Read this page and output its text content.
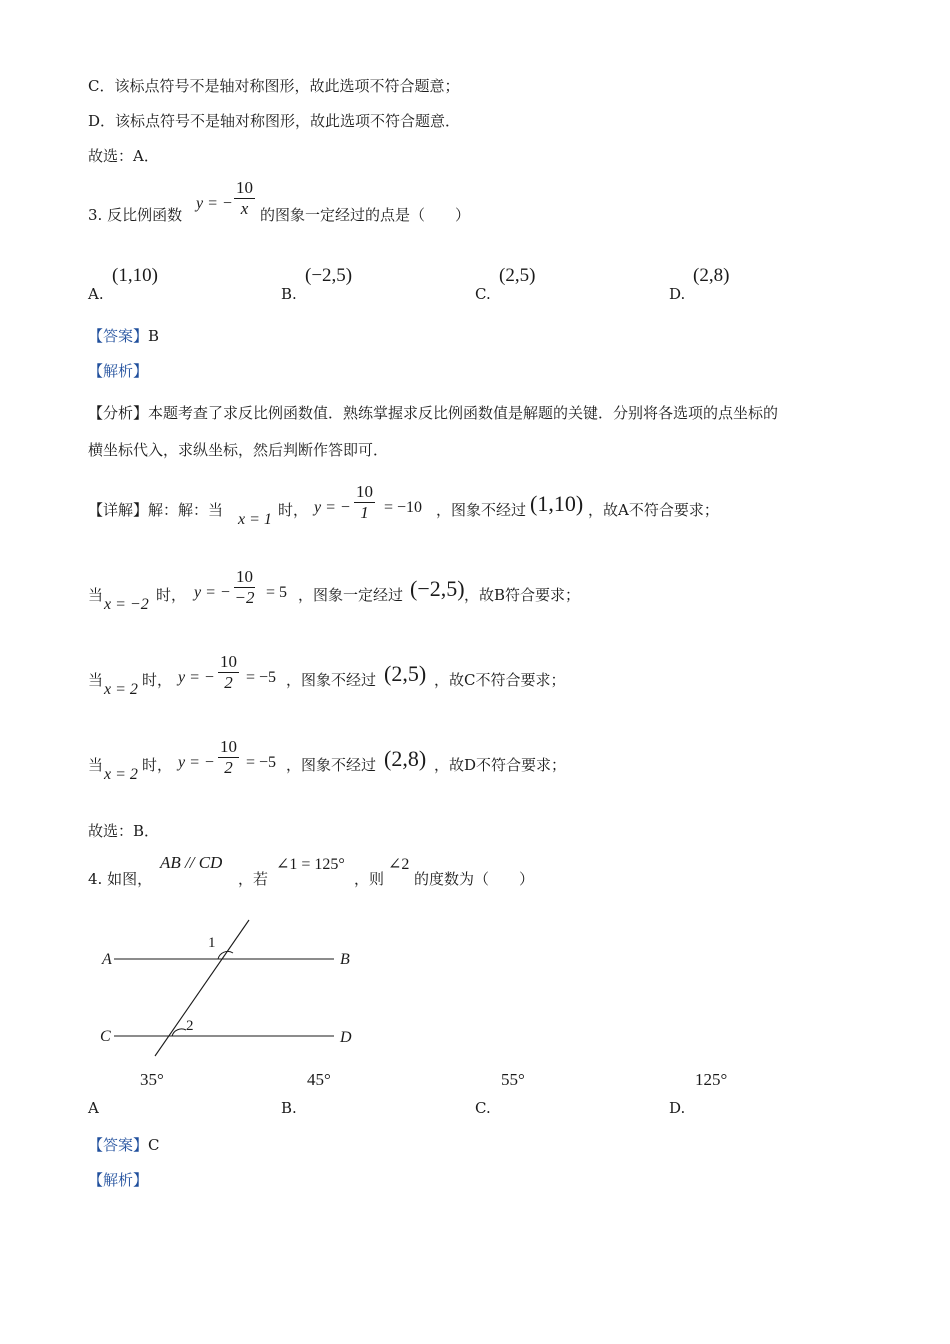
C．该标点符号不是轴对称图形，故此选项不符合题意；
D．该标点符号不是轴对称图形，故此选项不符合题意．
故选：A．
3. 反比例函数
y = − $\frac{10}{x}$ 的图象一定经过的点是（　　）
A.
(1,10)
B.
(−2,5)
C.
(2,5)
D.
(2,8)
【答案】B
【解析】
【分析】本题考查了求反比例函数值．熟练掌握求反比例函数值是解题的关键．分别将各选项的点坐标的
横坐标代入，求纵坐标，然后判断作答即可．
【详解】解：解：当
x = 1
时， y = − $\frac{10}{1} = -10$ ，图象不经过 (1,10) ，故A不符合要求；
当
x = −2
时， y = − $\frac{10}{-2} = 5$ ，图象一定经过 (−2,5) ，故B符合要求；
当
x = 2
时， y = − $\frac{10}{2} = -5$ ，图象不经过 (2,5) ，故C不符合要求；
当
x = 2
时， y = − $\frac{10}{2} = -5$ ，图象不经过 (2,8) ，故D不符合要求；
故选：B．
4. 如图，
AB // CD
，若
∠1 = 125°
，则
∠2
的度数为（　　）
A	B
C	D
1
2
A
35°
B.
45°
C.
55°
D.
125°
【答案】C
【解析】
